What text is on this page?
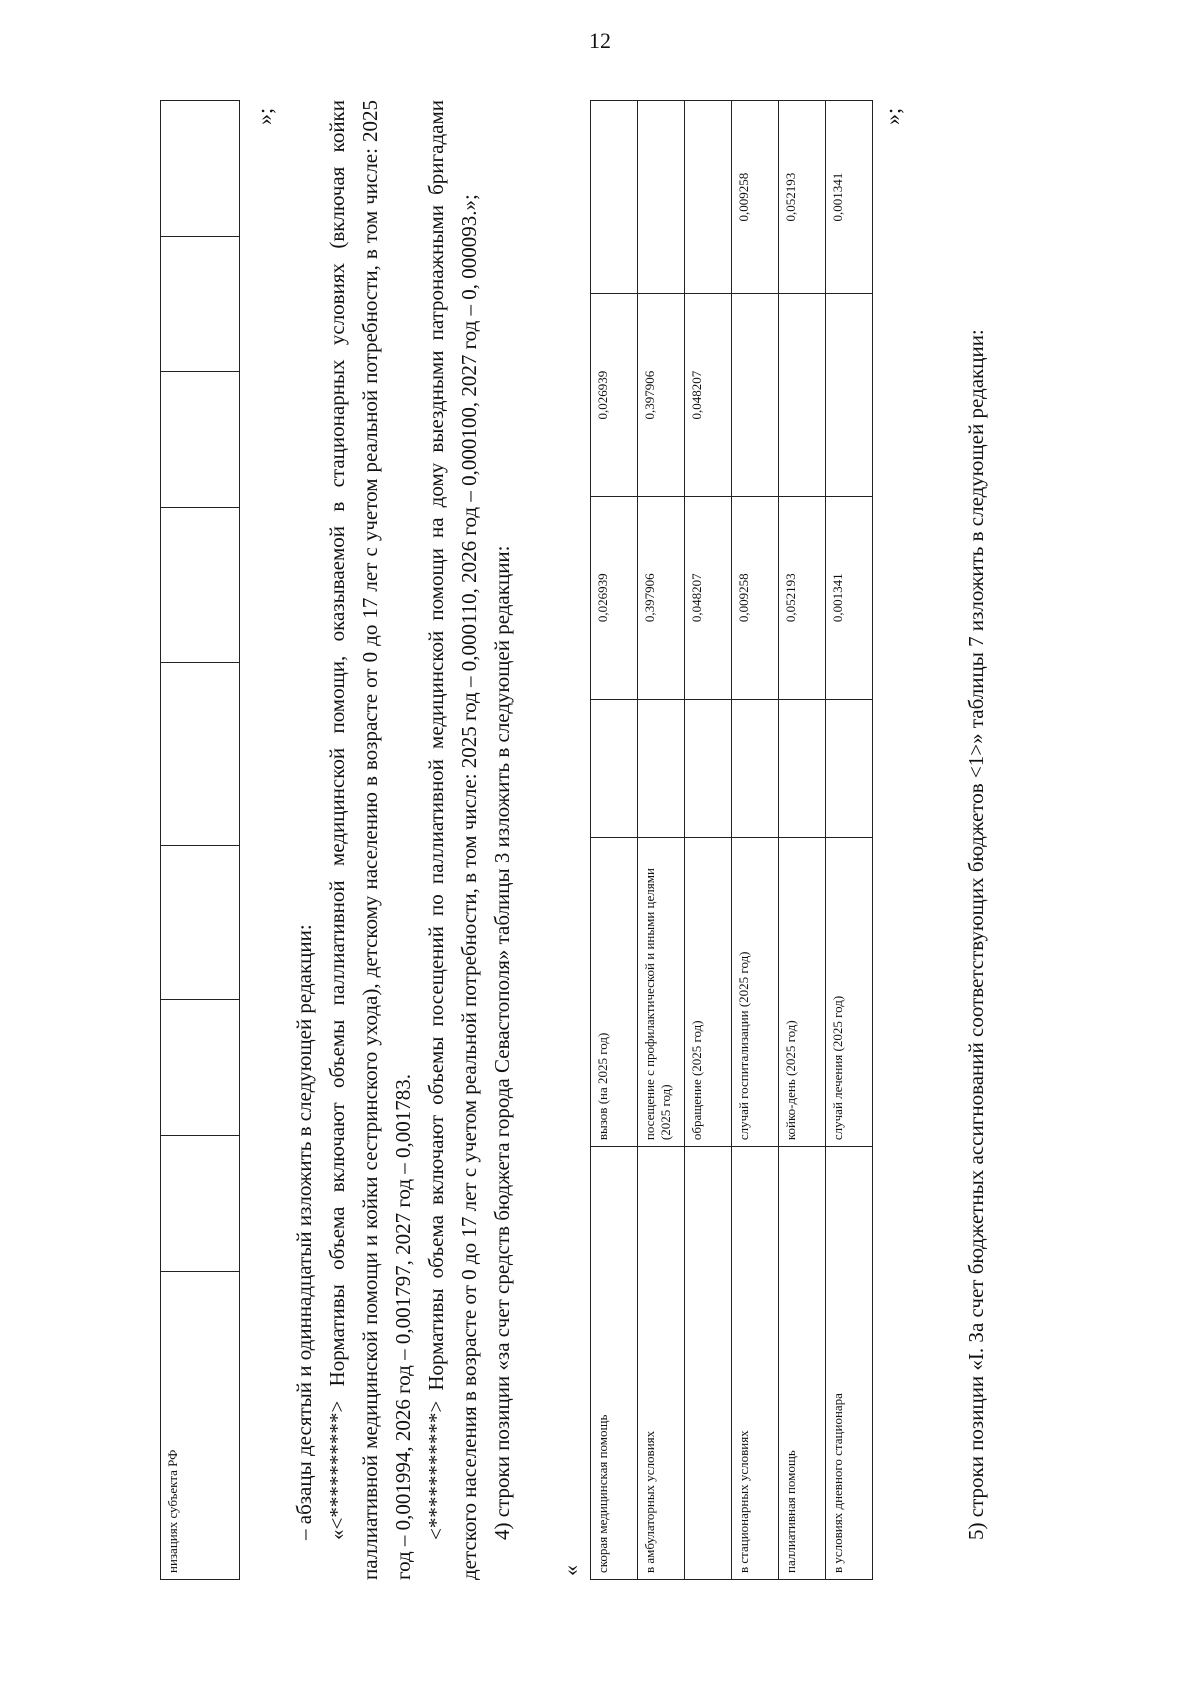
12
низациях субъекта РФ								
»;

– абзацы десятый и одиннадцатый изложить в следующей редакции: «<**********> Нормативы объема включают объемы паллиативной медицинской помощи, оказываемой в стационарных условиях (включая койки паллиативной медицинской помощи и койки сестринского ухода), детскому населению в возрасте от 0 до 17 лет с учетом реальной потребности, в том числе: 2025 год – 0,001994, 2026 год – 0,001797, 2027 год – 0,001783. <***********> Нормативы объема включают объемы посещений по паллиативной медицинской помощи на дому выездными патронажными бригадами детского населения в возрасте от 0 до 17 лет с учетом реальной потребности, в том числе: 2025 год – 0,000110, 2026 год – 0,000100, 2027 год – 0, 000093.»; 4) строки позиции «за счет средств бюджета города Севастополя» таблицы 3 изложить в следующей редакции:

« скорая медицинская помощь	вызов (на 2025 год)		0,026939	0,026939	
в амбулаторных условиях	посещение с профилактической и иными целями (2025 год)		0,397906	0,397906	
	обращение (2025 год)		0,048207	0,048207	
в стационарных условиях	случай госпитализации (2025 год)		0,009258		0,009258
паллиативная помощь	койко-день (2025 год)		0,052193		0,052193
в условиях дневного стационара	случай лечения (2025 год)		0,001341		0,001341
»;

5) строки позиции «I. За счет бюджетных ассигнований соответствующих бюджетов <1>» таблицы 7 изложить в следующей редакции:
